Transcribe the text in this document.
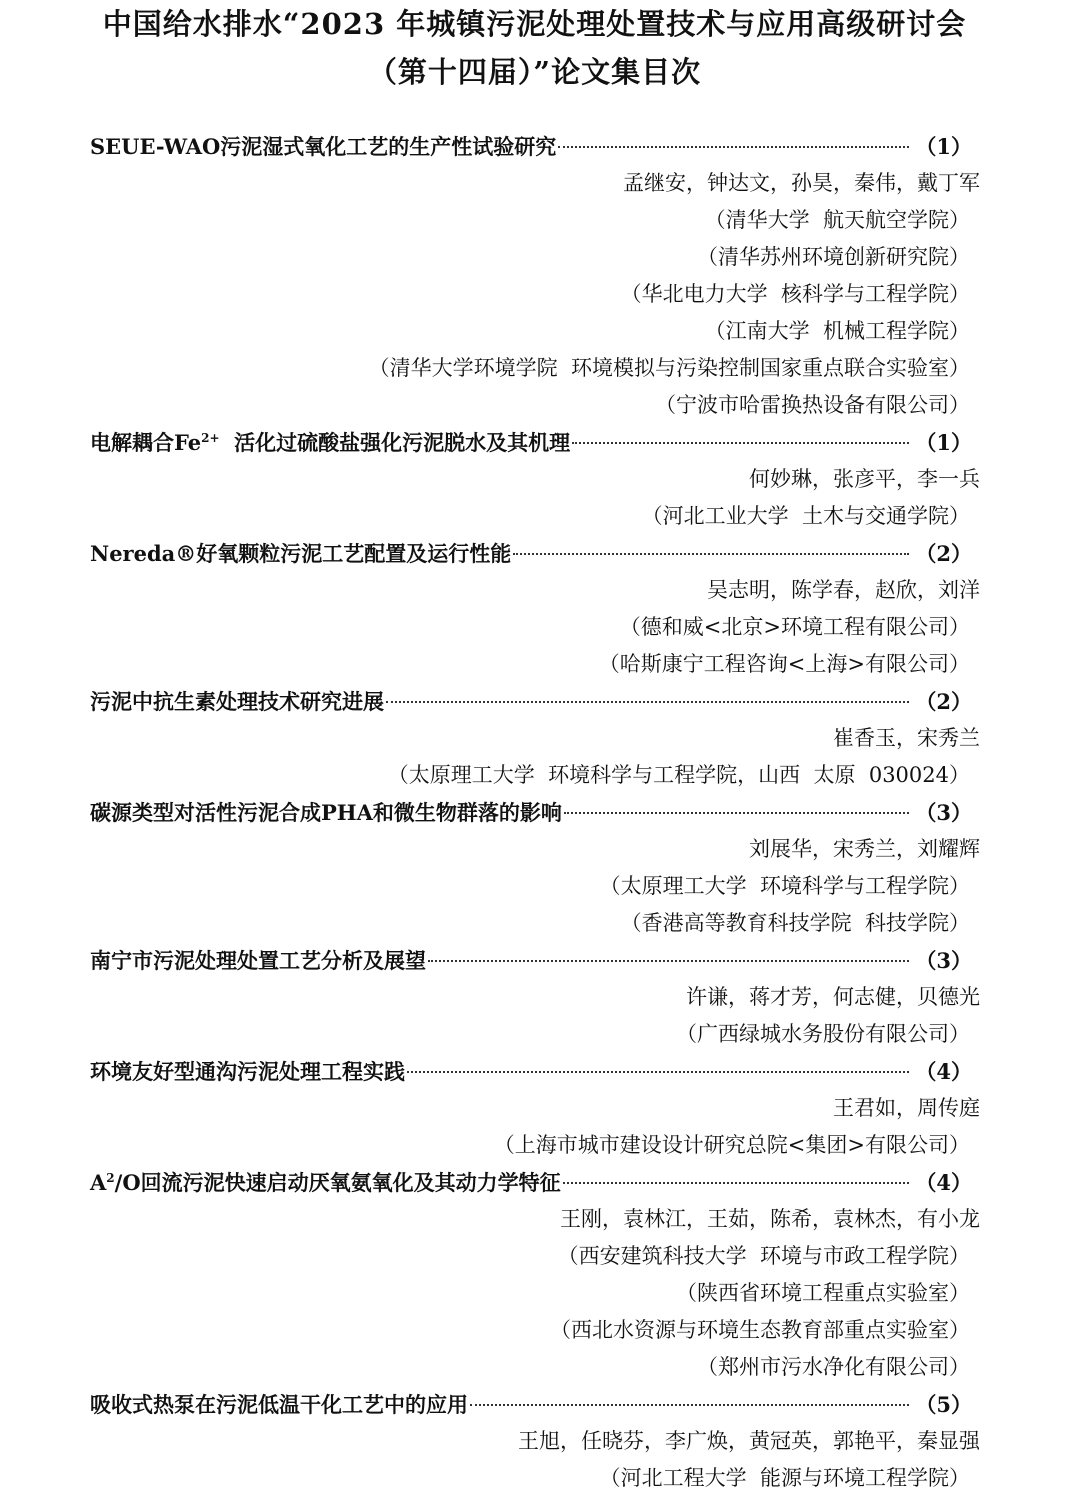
中国给水排水“2023 年城镇污泥处理处置技术与应用高级研讨会
（第十四届）”论文集目次
SEUE-WAO污泥湿式氧化工艺的生产性试验研究	（1）
孟继安，钟达文，孙昊，秦伟，戴丁军
（清华大学  航天航空学院）
（清华苏州环境创新研究院）
（华北电力大学  核科学与工程学院）
（江南大学  机械工程学院）
（清华大学环境学院  环境模拟与污染控制国家重点联合实验室）
（宁波市哈雷换热设备有限公司）
电解耦合$Fe^{2+}$  活化过硫酸盐强化污泥脱水及其机理	（1）
何妙琳，张彦平，李一兵
（河北工业大学  土木与交通学院）
Nereda®好氧颗粒污泥工艺配置及运行性能	（2）
吴志明，陈学春，赵欣，刘洋
（德和威<北京>环境工程有限公司）
（哈斯康宁工程咨询<上海>有限公司）
污泥中抗生素处理技术研究进展	（2）
崔香玉，宋秀兰
（太原理工大学  环境科学与工程学院，山西  太原  030024）
碳源类型对活性污泥合成PHA和微生物群落的影响	（3）
刘展华，宋秀兰，刘耀辉
（太原理工大学  环境科学与工程学院）
（香港高等教育科技学院  科技学院）
南宁市污泥处理处置工艺分析及展望	（3）
许谦，蒋才芳，何志健，贝德光
（广西绿城水务股份有限公司）
环境友好型通沟污泥处理工程实践	（4）
王君如，周传庭
（上海市城市建设设计研究总院<集团>有限公司）
$A^2/O$回流污泥快速启动厌氧氨氧化及其动力学特征	（4）
王刚，袁林江，王茹，陈希，袁林杰，有小龙
（西安建筑科技大学  环境与市政工程学院）
（陕西省环境工程重点实验室）
（西北水资源与环境生态教育部重点实验室）
（郑州市污水净化有限公司）
吸收式热泵在污泥低温干化工艺中的应用	（5）
王旭，任晓芬，李广焕，黄冠英，郭艳平，秦显强
（河北工程大学  能源与环境工程学院）
